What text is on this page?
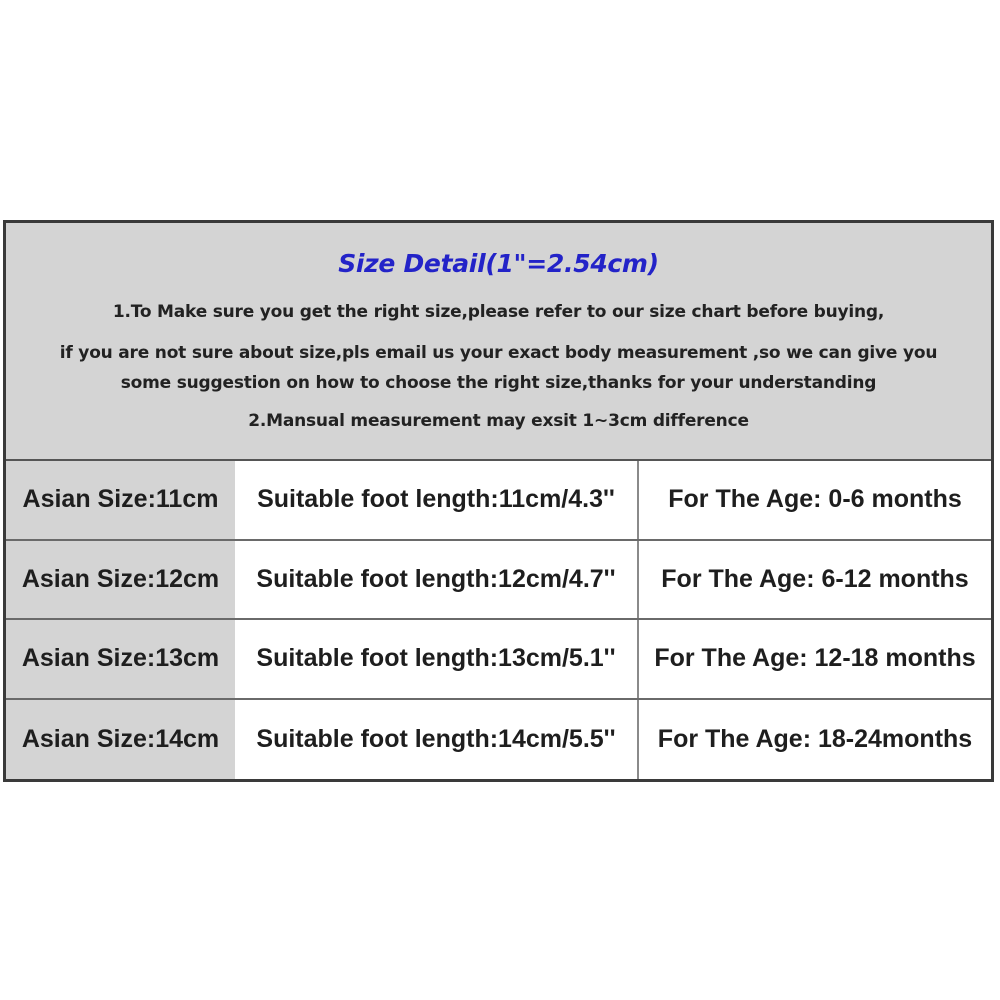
Size Detail(1"=2.54cm)
1.To Make sure you get the right size,please refer to our size chart before buying,
if you are not sure about size,pls email us your exact body measurement ,so we can give you
some suggestion on how to choose the right size,thanks for your understanding
2.Mansual measurement may exsit 1~3cm difference
Asian Size:11cm	Suitable foot length:11cm/4.3''	For The Age: 0-6 months
Asian Size:12cm	Suitable foot length:12cm/4.7''	For The Age: 6-12 months
Asian Size:13cm	Suitable foot length:13cm/5.1''	For The Age: 12-18 months
Asian Size:14cm	Suitable foot length:14cm/5.5''	For The Age: 18-24months
